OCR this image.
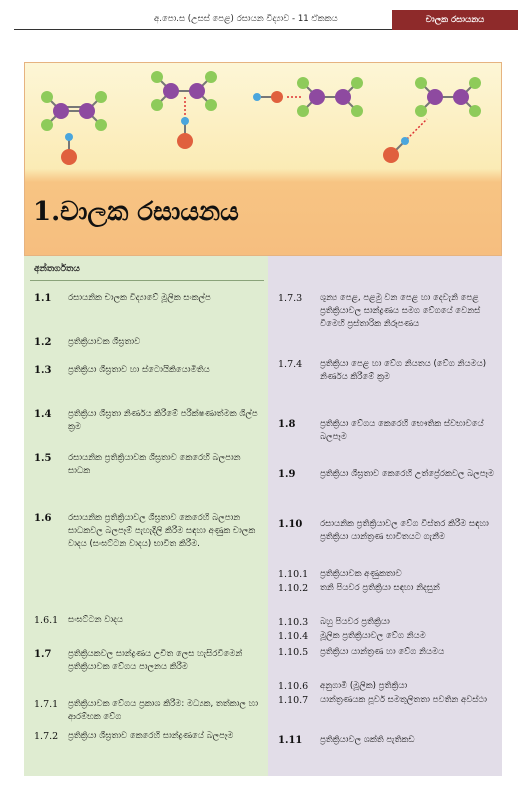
අ.පො.ස (උසස් පෙළ) රසායන විද්‍යාව - 11 ඒකකය	චාලක රසායනය
1.චාලක රසායනය
අන්තර්ගතය
1.1 රසායනික චාලක විද්‍යාවේ මූලික සංකල්ප
1.2 ප්‍රතික්‍රියාවක ශීඝ්‍රතාව
1.3 ප්‍රතික්‍රියා ශීඝ්‍රතාව හා ස්ටොයිකියොමිතිය
1.4 ප්‍රතික්‍රියා ශීඝ්‍රතා නිර්ණය කිරීමේ පරීක්ෂණාත්මක ශිල්ප ක්‍රම
1.5 රසායනික ප්‍රතික්‍රියාවක ශීඝ්‍රතාව කෙරෙහි බලපාන සාධක
1.6 රසායනික ප්‍රතික්‍රියාවල ශීඝ්‍රතාව කෙරෙහි බලපාන සාධකවල බලපෑම් පැහැදිලි කිරීම සඳහා අණුක චාලක වාදය (සංඝට්ටන වාදය) භාවිත කිරීම.
1.6.1 සංඝට්ටන වාදය
1.7 ප්‍රතික්‍රියකවල සාන්ද්‍රණය උචිත ලෙස හැසිරවීමෙන් ප්‍රතික්‍රියාවක වේගය පාලනය කිරීම
1.7.1 ප්‍රතික්‍රියාවක වේගය ප්‍රකාශ කිරීම: මධ්‍යක, තත්කාල හා ආරම්භක වේග
1.7.2 ප්‍රතික්‍රියා ශීඝ්‍රතාව කෙරෙහි සාන්ද්‍රණයේ බලපෑම
1.7.3 ශුන්‍ය පෙළ, පළමු වන පෙළ හා දෙවැනි පෙළ ප්‍රතික්‍රියාවල සාන්ද්‍රණය සමග වේගයේ වෙනස් වීමෙහි ප්‍රස්තාරික නිරූපණය
1.7.4 ප්‍රතික්‍රියා පෙළ හා වේග නියතය (වේග නියමය) නිර්ණය කිරීමේ ක්‍රම
1.8	ප්‍රතික්‍රියා වේගය කෙරෙහි භෞතික ස්වභාවයේ බලපෑම
1.9	ප්‍රතික්‍රියා ශීඝ්‍රතාව කෙරෙහි උත්ප්‍රේරකවල බලපෑම
1.10 රසායනික ප්‍රතික්‍රියාවල වේග විස්තර කිරීම සඳහා ප්‍රතික්‍රියා යාන්ත්‍රණ භාවිතයට ගැනීම
1.10.1 ප්‍රතික්‍රියාවක අණුකතාව
1.10.2 තනි පියවර ප්‍රතික්‍රියා සඳහා නිදසුන්
1.10.3 බහු පියවර ප්‍රතික්‍රියා
1.10.4 මූලික ප්‍රතික්‍රියාවල වේග නියම
1.10.5 ප්‍රතික්‍රියා යාන්ත්‍රණ හා වේග නියමය
1.10.6 අනුගාමී (මූලික) ප්‍රතික්‍රියා
1.10.7 යාන්ත්‍රණයක පූර්ව සමතුලිතතා පවතින අවස්ථා
1.11 ප්‍රතික්‍රියාවල ශක්ති පැතිකඩ
